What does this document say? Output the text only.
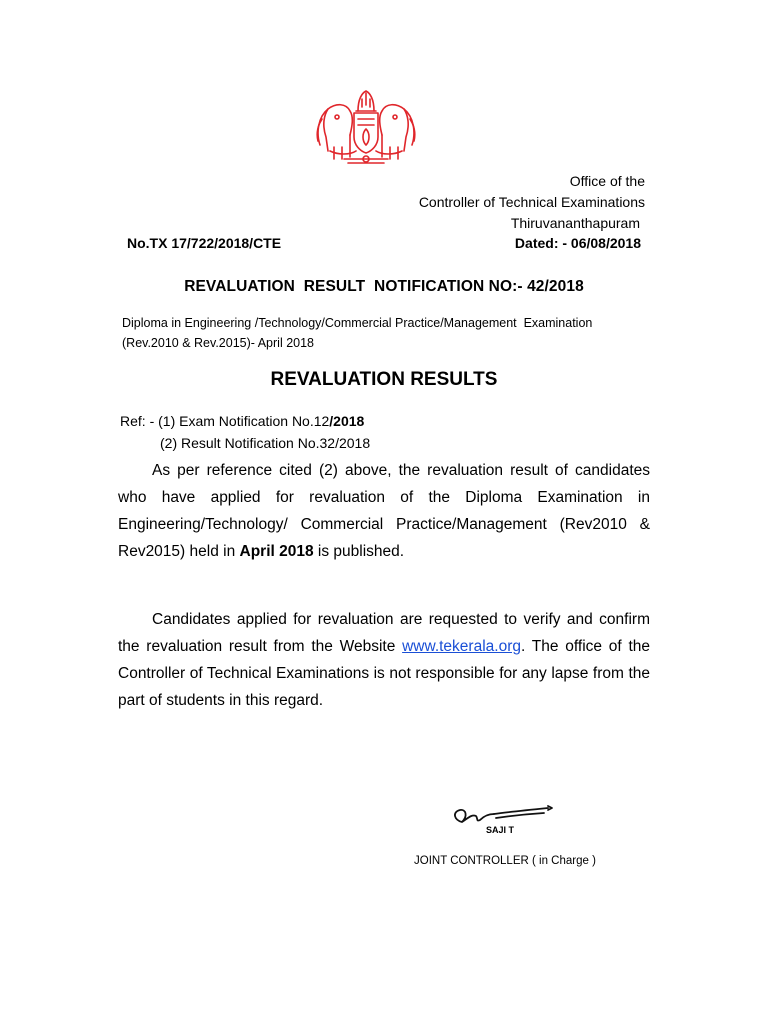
Office of the
Controller of Technical Examinations
Thiruvananthapuram
No.TX 17/722/2018/CTE	Dated: - 06/08/2018
REVALUATION  RESULT  NOTIFICATION NO:- 42/2018
Diploma in Engineering /Technology/Commercial Practice/Management  Examination
(Rev.2010 & Rev.2015)- April 2018
REVALUATION RESULTS
Ref: - (1) Exam Notification No.12/2018
(2) Result Notification No.32/2018
As per reference cited (2) above, the revaluation result of candidates who have applied for revaluation of the Diploma Examination in Engineering/Technology/ Commercial Practice/Management (Rev2010 & Rev2015) held in April 2018 is published.
Candidates applied for revaluation are requested to verify and confirm the revaluation result from the Website www.tekerala.org. The office of the Controller of Technical Examinations is not responsible for any lapse from the part of students in this regard.
SAJI T
JOINT CONTROLLER ( in Charge )
